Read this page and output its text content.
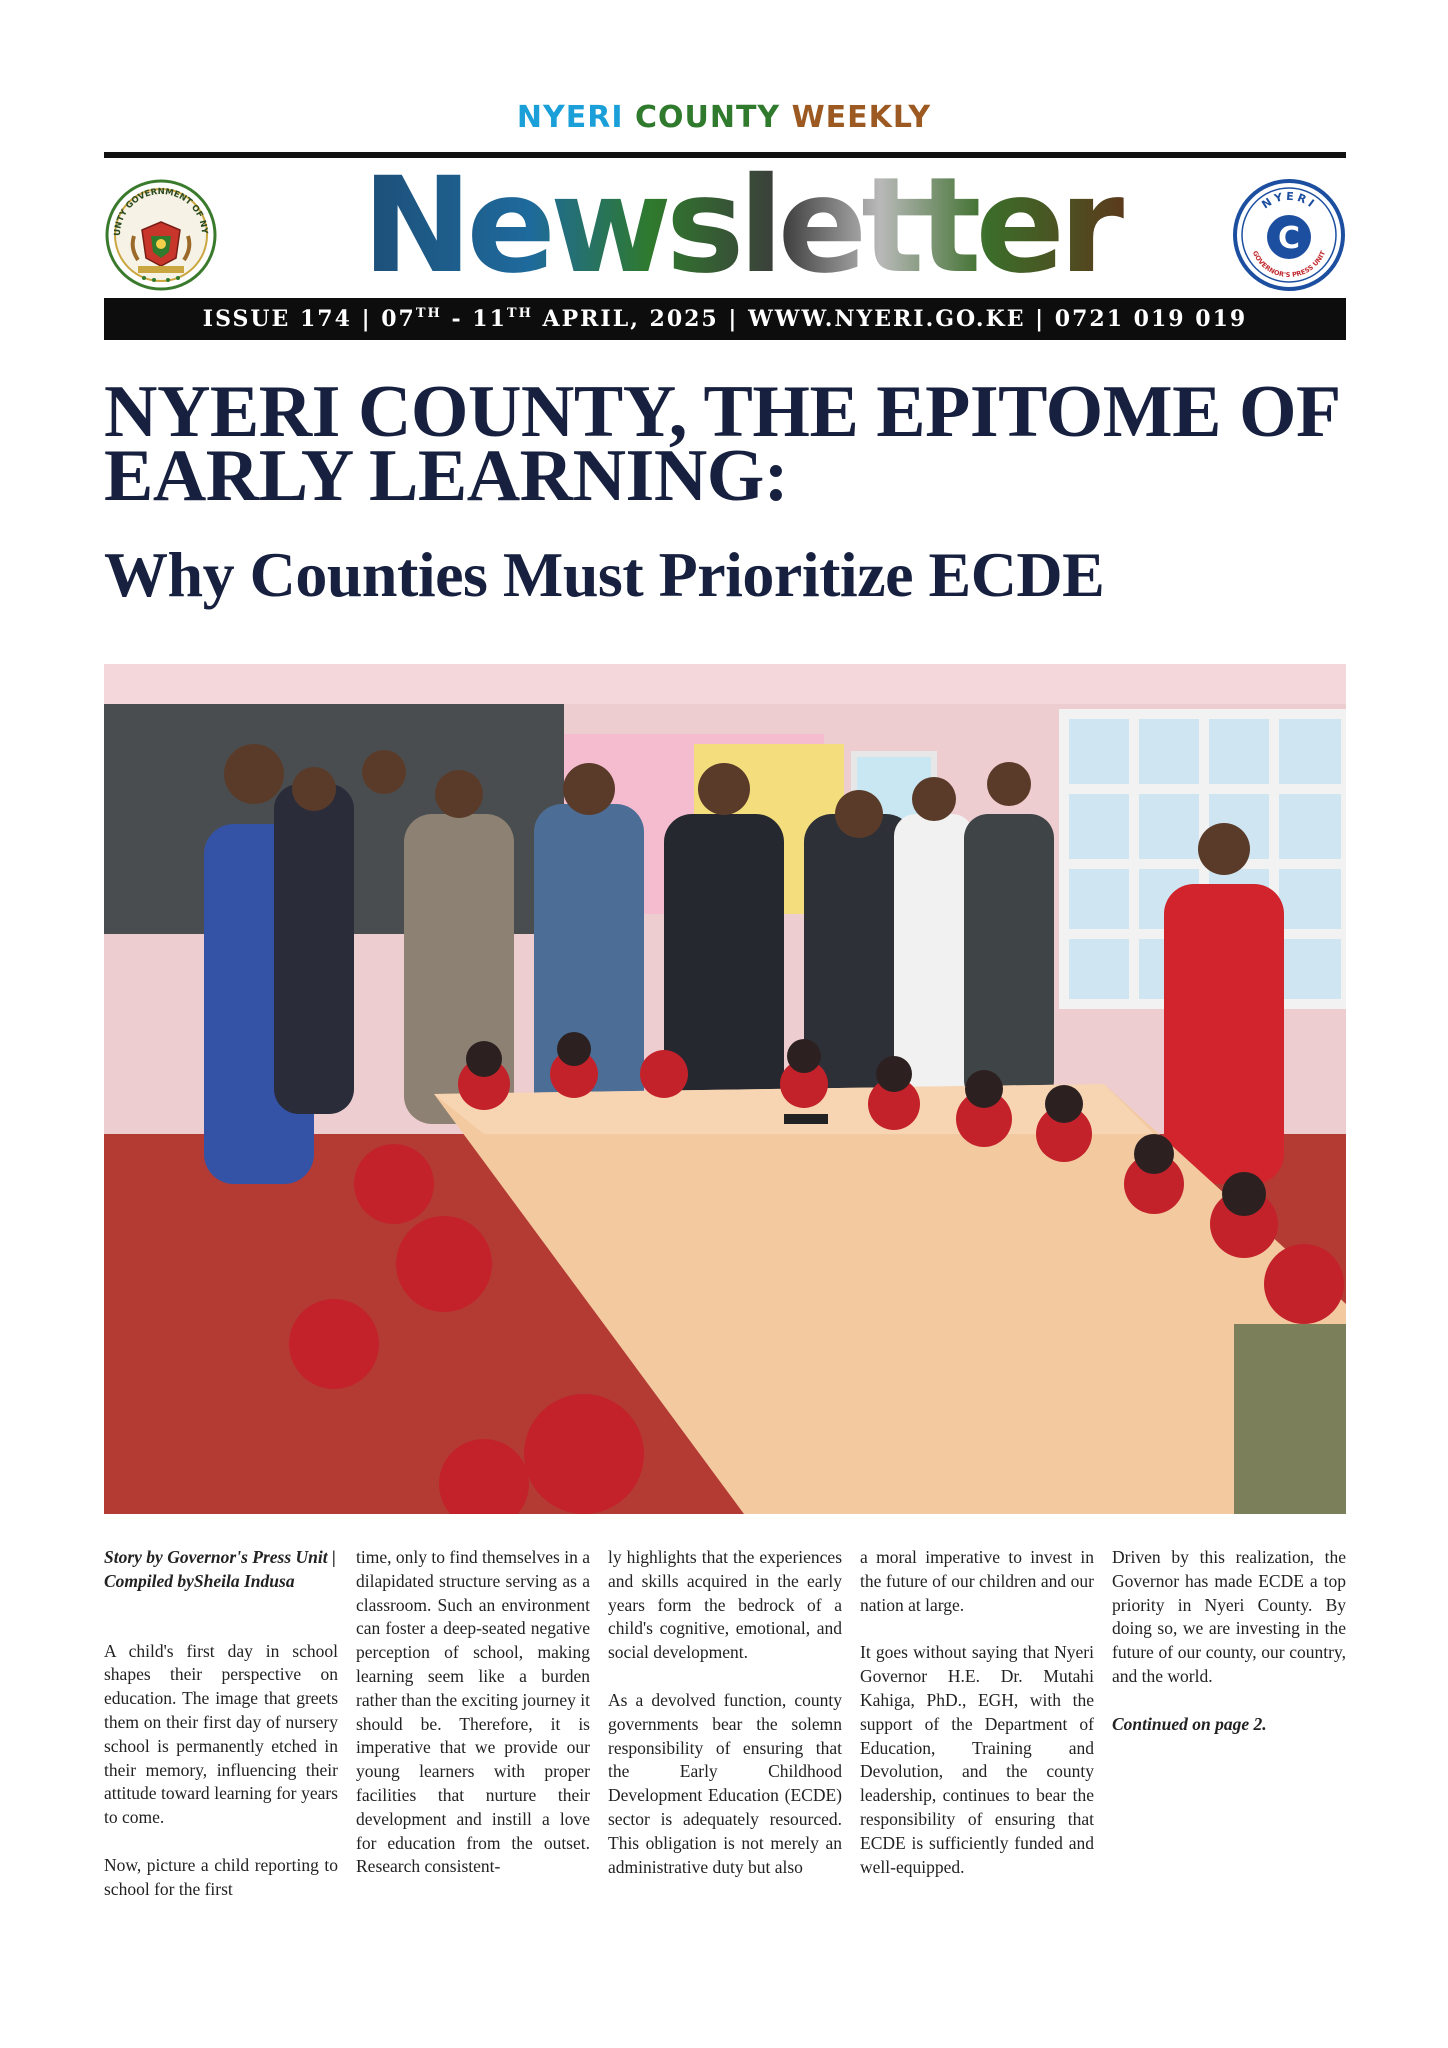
NYERI COUNTY WEEKLY
UNTY GOVERNMENT OF NY Newsletter	NYERI
GOVERNOR'S PRESS UNIT
C
ISSUE 174 | 07TH - 11TH APRIL, 2025 | WWW.NYERI.GO.KE | 0721 019 019
NYERI COUNTY, THE EPITOME OF
EARLY LEARNING:
Why Counties Must Prioritize ECDE

Story by Governor's Press Unit | Compiled bySheila Indusa

A child's first day in school shapes their perspective on education. The image that greets them on their first day of nursery school is permanently etched in their memory, influencing their attitude toward learning for years to come.

Now, picture a child reporting to school for the first

time, only to find themselves in a dilapidated structure serving as a classroom. Such an environment can foster a deep-seated negative perception of school, making learning seem like a burden rather than the exciting journey it should be. Therefore, it is imperative that we provide our young learners with proper facilities that nurture their development and instill a love for education from the outset. Research consistent-

ly highlights that the experiences and skills acquired in the early years form the bedrock of a child's cognitive, emotional, and social development.

As a devolved function, county governments bear the solemn responsibility of ensuring that the Early Childhood Development Education (ECDE) sector is adequately resourced. This obligation is not merely an administrative duty but also

a moral imperative to invest in the future of our children and our nation at large.

It goes without saying that Nyeri Governor H.E. Dr. Mutahi Kahiga, PhD., EGH, with the support of the Department of Education, Training and Devolution, and the county leadership, continues to bear the responsibility of ensuring that ECDE is sufficiently funded and well-equipped.

Driven by this realization, the Governor has made ECDE a top priority in Nyeri County. By doing so, we are investing in the future of our county, our country, and the world.

Continued on page 2.
